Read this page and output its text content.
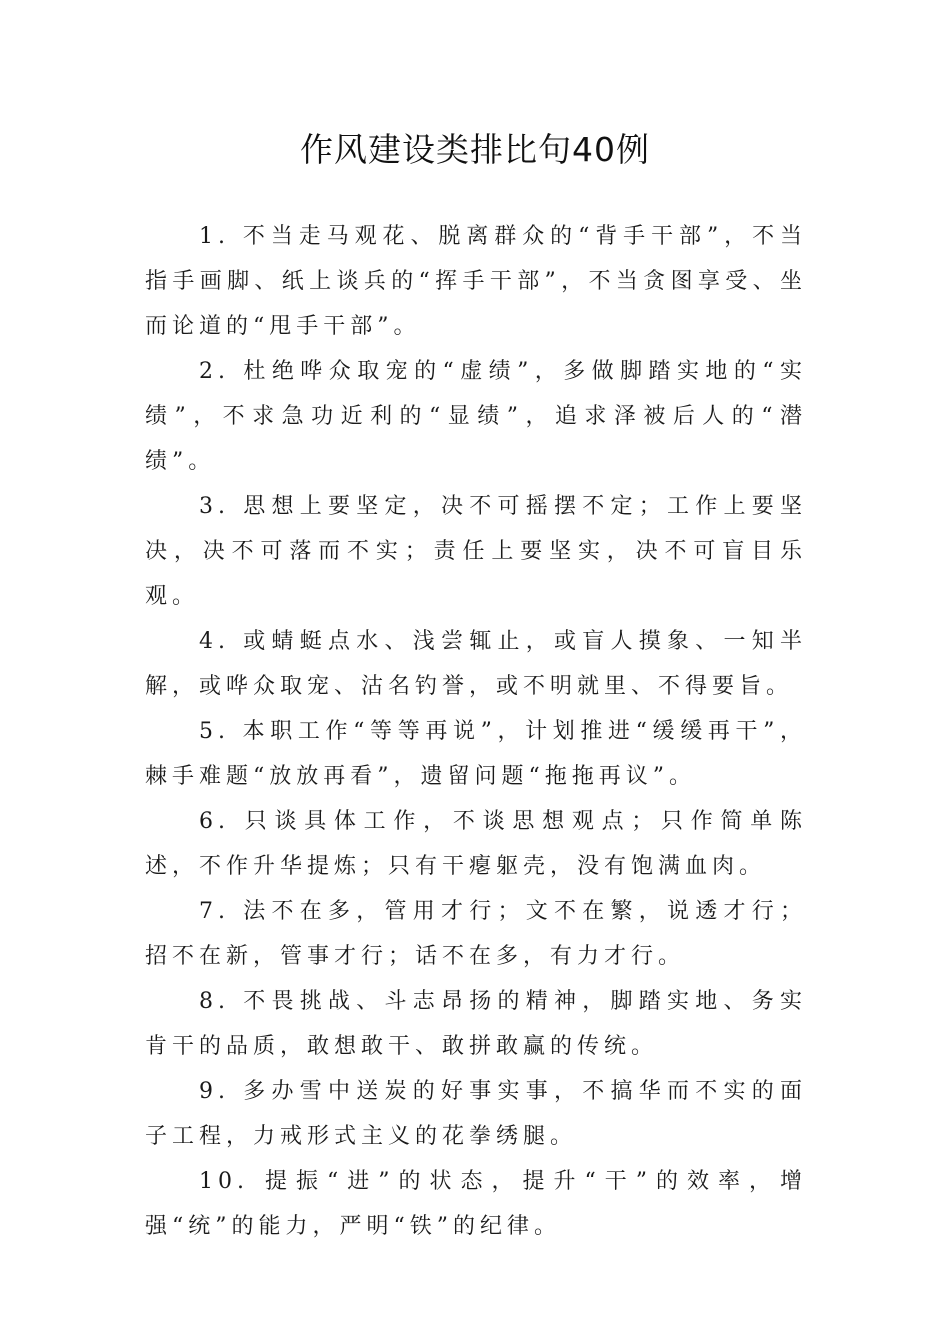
作风建设类排比句40例

1. 不当走马观花、脱离群众的“背手干部”，不当指手画脚、纸上谈兵的“挥手干部”，不当贪图享受、坐而论道的“甩手干部”。

2. 杜绝哗众取宠的“虚绩”，多做脚踏实地的“实绩”，不求急功近利的“显绩”，追求泽被后人的“潜绩”。

3. 思想上要坚定，决不可摇摆不定；工作上要坚决，决不可落而不实；责任上要坚实，决不可盲目乐观。

4. 或蜻蜓点水、浅尝辄止，或盲人摸象、一知半解，或哗众取宠、沽名钓誉，或不明就里、不得要旨。

5. 本职工作“等等再说”，计划推进“缓缓再干”，棘手难题“放放再看”，遗留问题“拖拖再议”。

6. 只谈具体工作，不谈思想观点；只作简单陈述，不作升华提炼；只有干瘪躯壳，没有饱满血肉。

7. 法不在多，管用才行；文不在繁，说透才行；招不在新，管事才行；话不在多，有力才行。

8. 不畏挑战、斗志昂扬的精神，脚踏实地、务实肯干的品质，敢想敢干、敢拼敢赢的传统。

9. 多办雪中送炭的好事实事，不搞华而不实的面子工程，力戒形式主义的花拳绣腿。

10. 提振“进”的状态，提升“干”的效率，增强“统”的能力，严明“铁”的纪律。
